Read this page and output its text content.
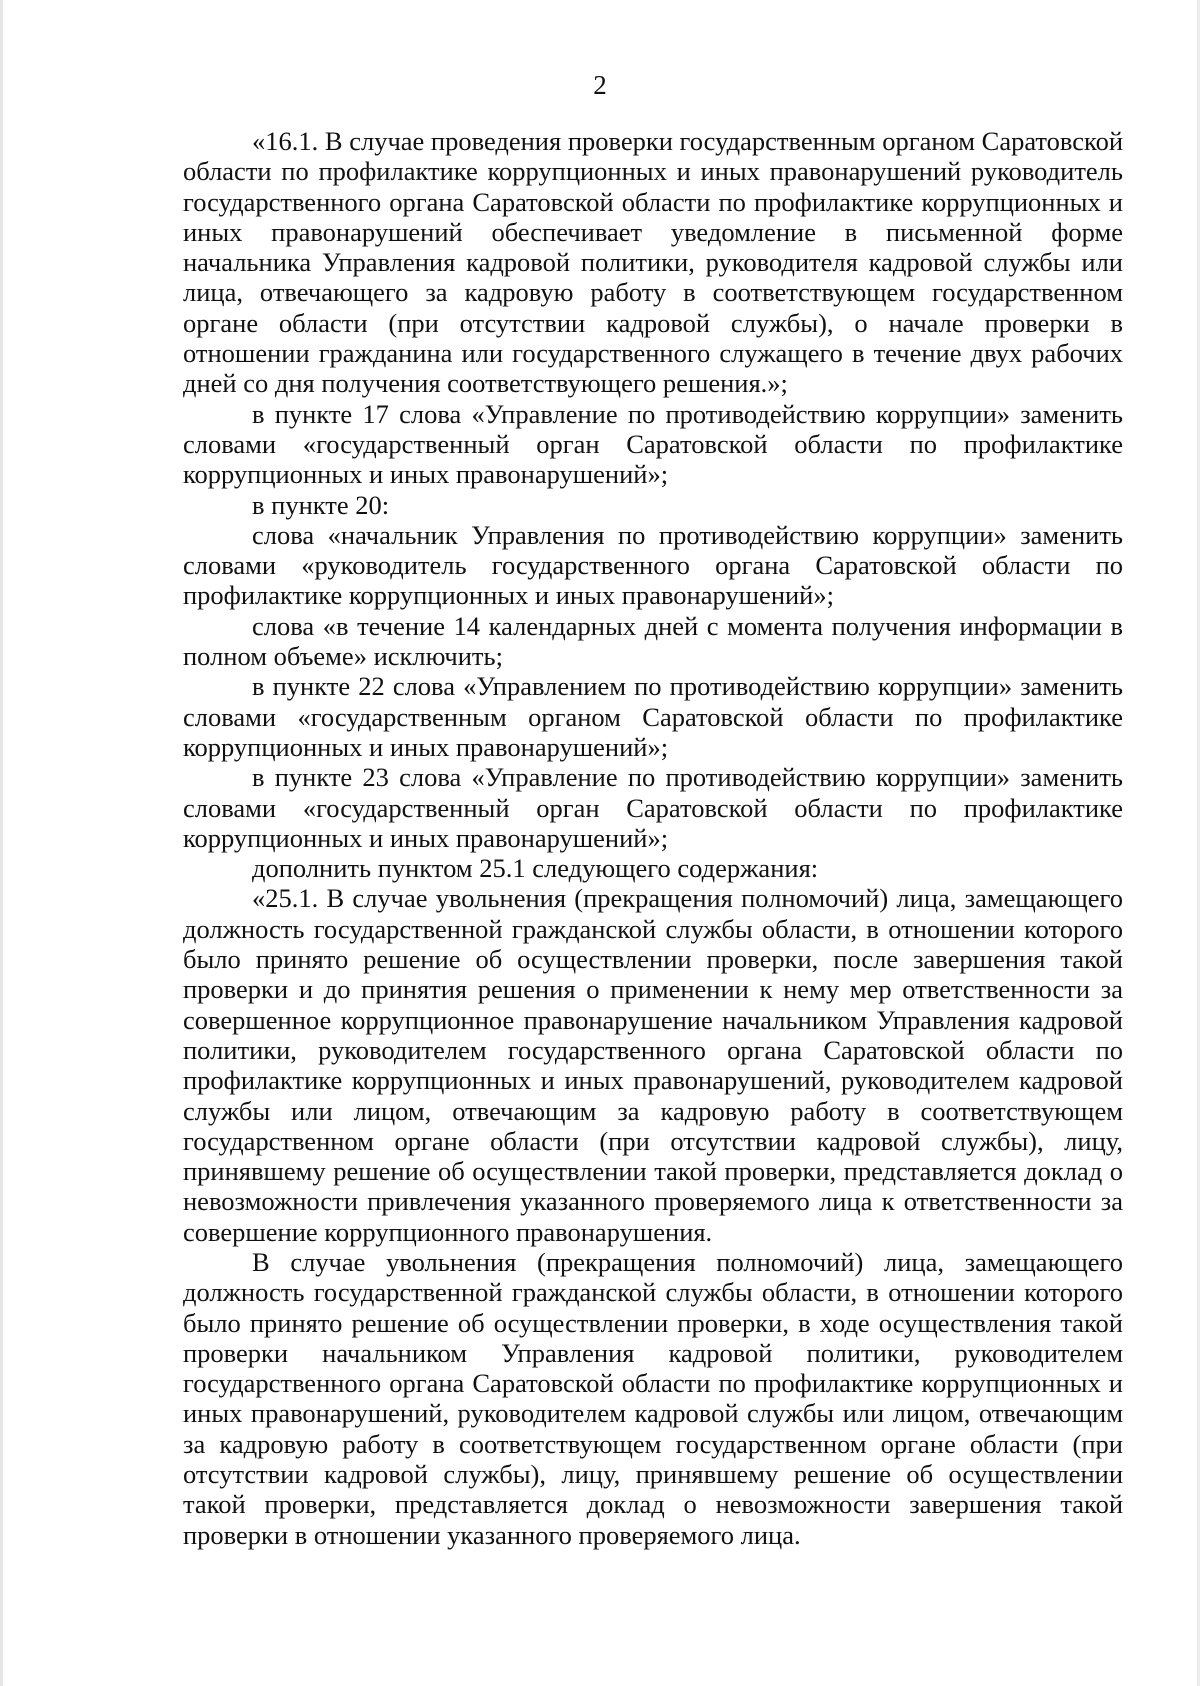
2

«16.1. В случае проведения проверки государственным органом Саратовской области по профилактике коррупционных и иных правонарушений руководитель государственного органа Саратовской области по профилактике коррупционных и иных правонарушений обеспечивает уведомление в письменной форме начальника Управления кадровой политики, руководителя кадровой службы или лица, отвечающего за кадровую работу в соответствующем государственном органе области (при отсутствии кадровой службы), о начале проверки в отношении гражданина или государственного служащего в течение двух рабочих дней со дня получения соответствующего решения.»;

в пункте 17 слова «Управление по противодействию коррупции» заменить словами «государственный орган Саратовской области по профилактике коррупционных и иных правонарушений»;

в пункте 20:

слова «начальник Управления по противодействию коррупции» заменить словами «руководитель государственного органа Саратовской области по профилактике коррупционных и иных правонарушений»;

слова «в течение 14 календарных дней с момента получения информации в полном объеме» исключить;

в пункте 22 слова «Управлением по противодействию коррупции» заменить словами «государственным органом Саратовской области по профилактике коррупционных и иных правонарушений»;

в пункте 23 слова «Управление по противодействию коррупции» заменить словами «государственный орган Саратовской области по профилактике коррупционных и иных правонарушений»;

дополнить пунктом 25.1 следующего содержания:

«25.1. В случае увольнения (прекращения полномочий) лица, замещающего должность государственной гражданской службы области, в отношении которого было принято решение об осуществлении проверки, после завершения такой проверки и до принятия решения о применении к нему мер ответственности за совершенное коррупционное правонарушение начальником Управления кадровой политики, руководителем государственного органа Саратовской области по профилактике коррупционных и иных правонарушений, руководителем кадровой службы или лицом, отвечающим за кадровую работу в соответствующем государственном органе области (при отсутствии кадровой службы), лицу, принявшему решение об осуществлении такой проверки, представляется доклад о невозможности привлечения указанного проверяемого лица к ответственности за совершение коррупционного правонарушения.

В случае увольнения (прекращения полномочий) лица, замещающего должность государственной гражданской службы области, в отношении которого было принято решение об осуществлении проверки, в ходе осуществления такой проверки начальником Управления кадровой политики, руководителем государственного органа Саратовской области по профилактике коррупционных и иных правонарушений, руководителем кадровой службы или лицом, отвечающим за кадровую работу в соответствующем государственном органе области (при отсутствии кадровой службы), лицу, принявшему решение об осуществлении такой проверки, представляется доклад о невозможности завершения такой проверки в отношении указанного проверяемого лица.
